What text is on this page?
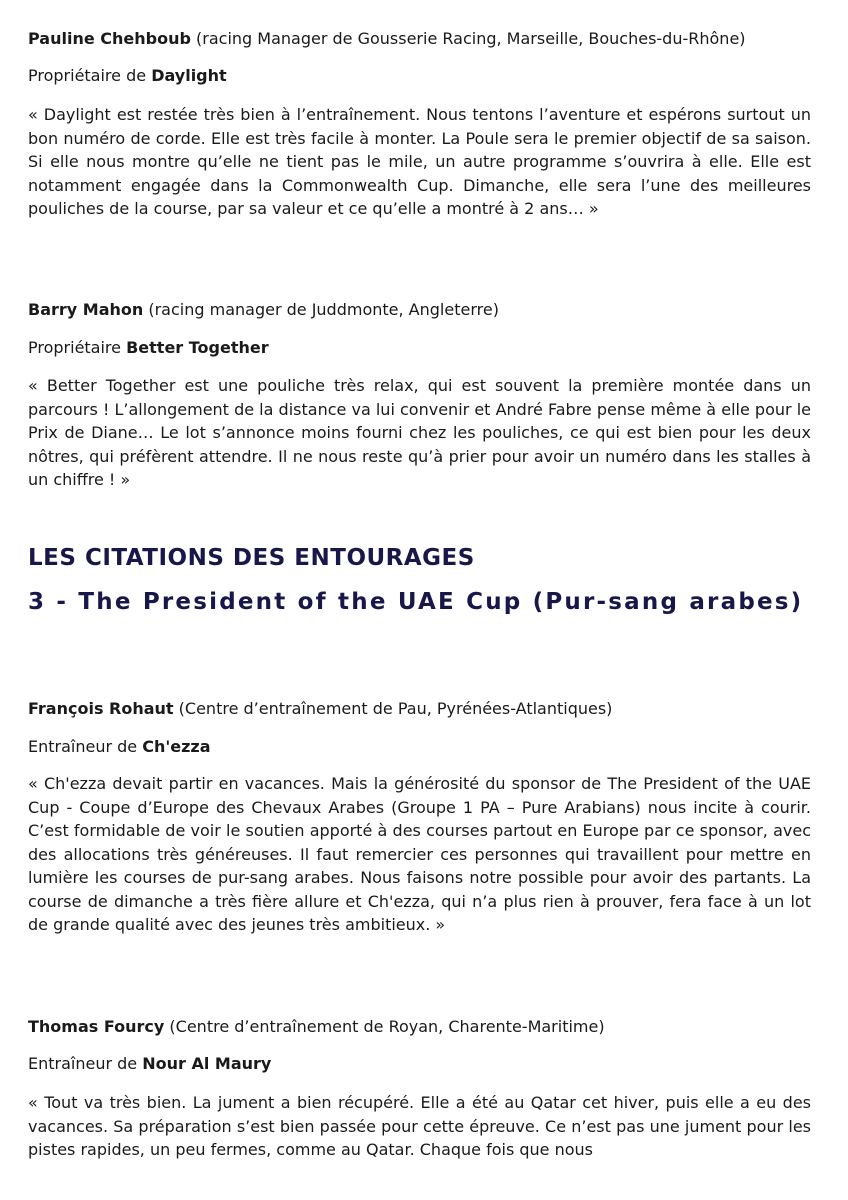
Pauline Chehboub (racing Manager de Gousserie Racing, Marseille, Bouches-du-Rhône)

Propriétaire de Daylight

« Daylight est restée très bien à l’entraînement. Nous tentons l’aventure et espérons surtout un bon numéro de corde. Elle est très facile à monter. La Poule sera le premier objectif de sa saison. Si elle nous montre qu’elle ne tient pas le mile, un autre programme s’ouvrira à elle. Elle est notamment engagée dans la Commonwealth Cup. Dimanche, elle sera l’une des meilleures pouliches de la course, par sa valeur et ce qu’elle a montré à 2 ans… »

Barry Mahon (racing manager de Juddmonte, Angleterre)

Propriétaire Better Together

« Better Together est une pouliche très relax, qui est souvent la première montée dans un parcours ! L’allongement de la distance va lui convenir et André Fabre pense même à elle pour le Prix de Diane… Le lot s’annonce moins fourni chez les pouliches, ce qui est bien pour les deux nôtres, qui préfèrent attendre. Il ne nous reste qu’à prier pour avoir un numéro dans les stalles à un chiffre ! »

LES CITATIONS DES ENTOURAGES
3 - The President of the UAE Cup (Pur-sang arabes)

François Rohaut (Centre d’entraînement de Pau, Pyrénées-Atlantiques)

Entraîneur de Ch'ezza

« Ch'ezza devait partir en vacances. Mais la générosité du sponsor de The President of the UAE Cup - Coupe d’Europe des Chevaux Arabes (Groupe 1 PA – Pure Arabians) nous incite à courir. C’est formidable de voir le soutien apporté à des courses partout en Europe par ce sponsor, avec des allocations très généreuses. Il faut remercier ces personnes qui travaillent pour mettre en lumière les courses de pur-sang arabes. Nous faisons notre possible pour avoir des partants. La course de dimanche a très fière allure et Ch'ezza, qui n’a plus rien à prouver, fera face à un lot de grande qualité avec des jeunes très ambitieux. »

Thomas Fourcy (Centre d’entraînement de Royan, Charente-Maritime)

Entraîneur de Nour Al Maury

« Tout va très bien. La jument a bien récupéré. Elle a été au Qatar cet hiver, puis elle a eu des vacances. Sa préparation s’est bien passée pour cette épreuve. Ce n’est pas une jument pour les pistes rapides, un peu fermes, comme au Qatar. Chaque fois que nous
